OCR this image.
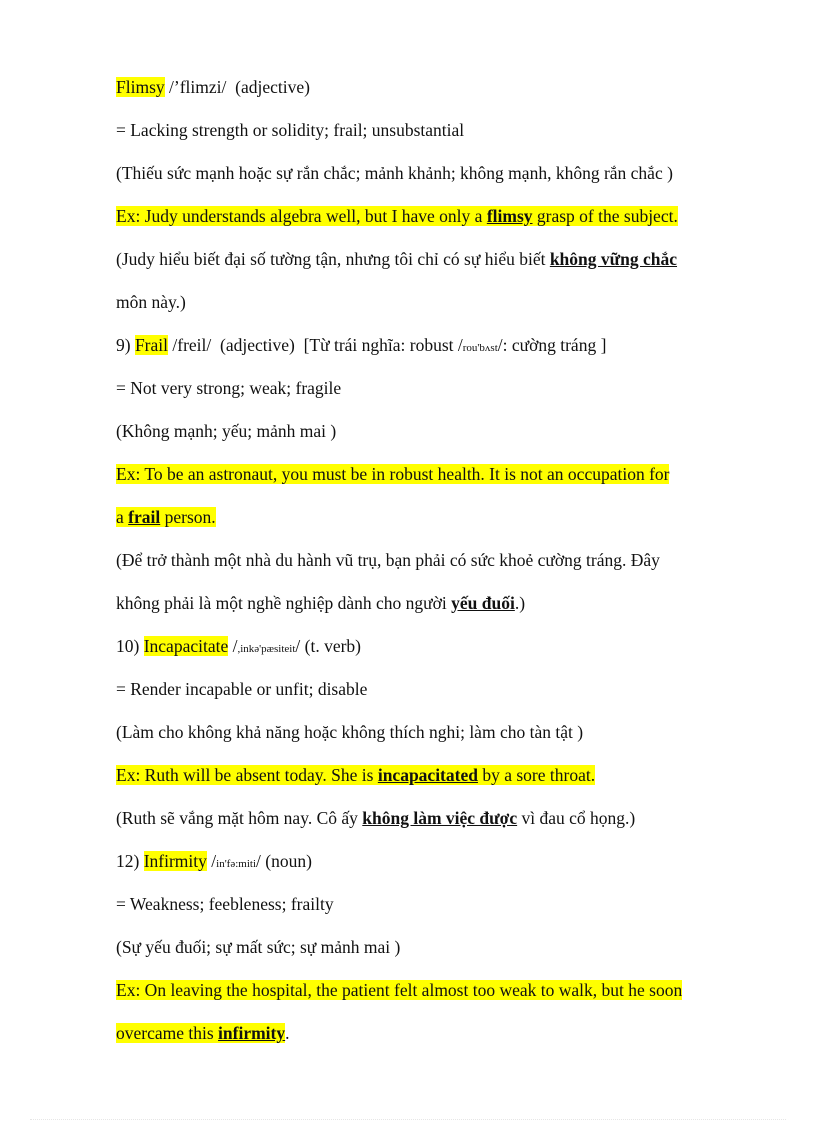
Flimsy /’flimzi/ (adjective)
= Lacking strength or solidity; frail; unsubstantial
(Thiếu sức mạnh hoặc sự rắn chắc; mảnh khảnh; không mạnh, không rắn chắc )
Ex: Judy understands algebra well, but I have only a flimsy grasp of the subject.
(Judy hiểu biết đại số tường tận, nhưng tôi chỉ có sự hiểu biết không vững chắc
môn này.)
9) Frail /freil/ (adjective) [Từ trái nghĩa: robust /rou'bʌst/: cường tráng ]
= Not very strong; weak; fragile
(Không mạnh; yếu; mảnh mai )
Ex: To be an astronaut, you must be in robust health. It is not an occupation for
a frail person.
(Để trở thành một nhà du hành vũ trụ, bạn phải có sức khoẻ cường tráng. Đây
không phải là một nghề nghiệp dành cho người yếu đuối.)
10) Incapacitate /,inkə'pæsiteit/ (t. verb)
= Render incapable or unfit; disable
(Làm cho không khả năng hoặc không thích nghi; làm cho tàn tật )
Ex: Ruth will be absent today. She is incapacitated by a sore throat.
(Ruth sẽ vắng mặt hôm nay. Cô ấy không làm việc được vì đau cổ họng.)
12) Infirmity /in'fə:miti/ (noun)
= Weakness; feebleness; frailty
(Sự yếu đuối; sự mất sức; sự mảnh mai )
Ex: On leaving the hospital, the patient felt almost too weak to walk, but he soon
overcame this infirmity.
